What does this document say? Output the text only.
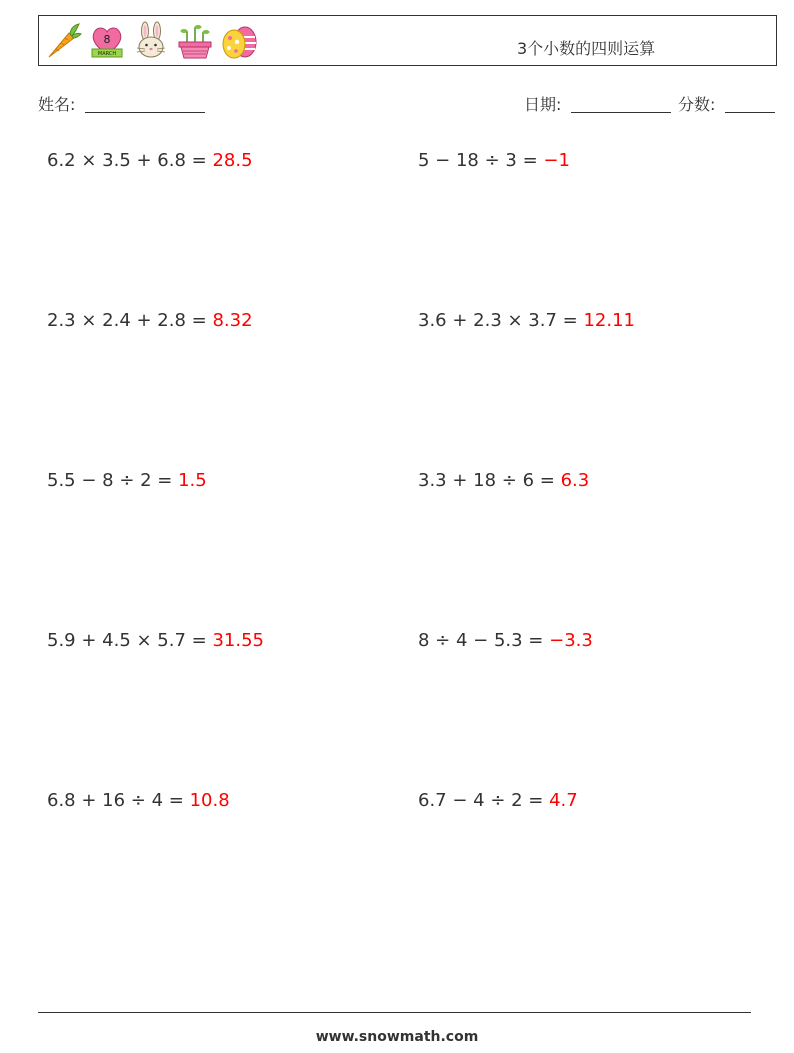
8
MARCH	3个小数的四则运算
姓名:	日期:	分数:
6.2 × 3.5 + 6.8 = 28.5	5 − 18 ÷ 3 = −1
2.3 × 2.4 + 2.8 = 8.32	3.6 + 2.3 × 3.7 = 12.11
5.5 − 8 ÷ 2 = 1.5	3.3 + 18 ÷ 6 = 6.3
5.9 + 4.5 × 5.7 = 31.55	8 ÷ 4 − 5.3 = −3.3
6.8 + 16 ÷ 4 = 10.8	6.7 − 4 ÷ 2 = 4.7
www.snowmath.com
